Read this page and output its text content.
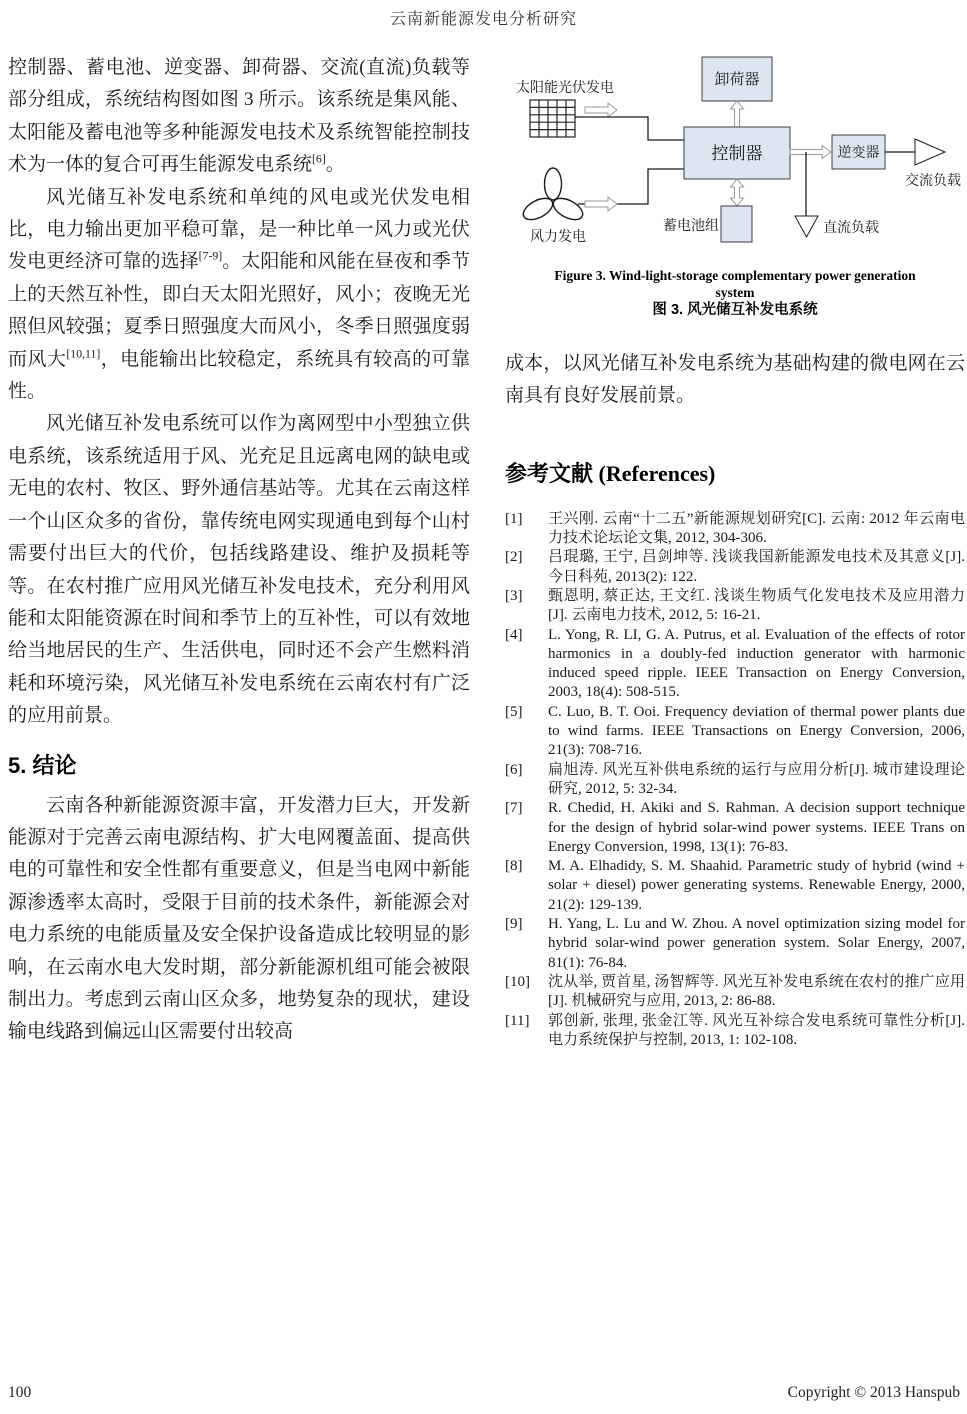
云南新能源发电分析研究

控制器、蓄电池、逆变器、卸荷器、交流(直流)负载等部分组成，系统结构图如图 3 所示。该系统是集风能、太阳能及蓄电池等多种能源发电技术及系统智能控制技术为一体的复合可再生能源发电系统[6]。

风光储互补发电系统和单纯的风电或光伏发电相比，电力输出更加平稳可靠，是一种比单一风力或光伏发电更经济可靠的选择[7-9]。太阳能和风能在昼夜和季节上的天然互补性，即白天太阳光照好，风小；夜晚无光照但风较强；夏季日照强度大而风小，冬季日照强度弱而风大[10,11]，电能输出比较稳定，系统具有较高的可靠性。

风光储互补发电系统可以作为离网型中小型独立供电系统，该系统适用于风、光充足且远离电网的缺电或无电的农村、牧区、野外通信基站等。尤其在云南这样一个山区众多的省份，靠传统电网实现通电到每个山村需要付出巨大的代价，包括线路建设、维护及损耗等等。在农村推广应用风光储互补发电技术，充分利用风能和太阳能资源在时间和季节上的互补性，可以有效地给当地居民的生产、生活供电，同时还不会产生燃料消耗和环境污染，风光储互补发电系统在云南农村有广泛的应用前景。

5. 结论

云南各种新能源资源丰富，开发潜力巨大，开发新能源对于完善云南电源结构、扩大电网覆盖面、提高供电的可靠性和安全性都有重要意义，但是当电网中新能源渗透率太高时，受限于目前的技术条件，新能源会对电力系统的电能质量及安全保护设备造成比较明显的影响，在云南水电大发时期，部分新能源机组可能会被限制出力。考虑到云南山区众多，地势复杂的现状，建设输电线路到偏远山区需要付出较高

太阳能光伏发电
风力发电
卸荷器
控制器
蓄电池组
逆变器
交流负载
直流负载
Figure 3. Wind-light-storage complementary power generation
system
图 3. 风光储互补发电系统

成本，以风光储互补发电系统为基础构建的微电网在云南具有良好发展前景。

参考文献 (References)
[1]	王兴刚. 云南“十二五”新能源规划研究[C]. 云南: 2012 年云南电力技术论坛论文集, 2012, 304-306.
[2]	吕琨璐, 王宁, 吕剑坤等. 浅谈我国新能源发电技术及其意义[J]. 今日科苑, 2013(2): 122.
[3]	甄恩明, 蔡正达, 王文红. 浅谈生物质气化发电技术及应用潜力[J]. 云南电力技术, 2012, 5: 16-21.
[4]	L. Yong, R. LI, G. A. Putrus, et al. Evaluation of the effects of rotor harmonics in a doubly-fed induction generator with harmonic induced speed ripple. IEEE Transaction on Energy Conversion, 2003, 18(4): 508-515.
[5]	C. Luo, B. T. Ooi. Frequency deviation of thermal power plants due to wind farms. IEEE Transactions on Energy Conversion, 2006, 21(3): 708-716.
[6]	扁旭涛. 风光互补供电系统的运行与应用分析[J]. 城市建设理论研究, 2012, 5: 32-34.
[7]	R. Chedid, H. Akiki and S. Rahman. A decision support technique for the design of hybrid solar-wind power systems. IEEE Trans on Energy Conversion, 1998, 13(1): 76-83.
[8]	M. A. Elhadidy, S. M. Shaahid. Parametric study of hybrid (wind + solar + diesel) power generating systems. Renewable Energy, 2000, 21(2): 129-139.
[9]	H. Yang, L. Lu and W. Zhou. A novel optimization sizing model for hybrid solar-wind power generation system. Solar Energy, 2007, 81(1): 76-84.
[10]	沈从举, 贾首星, 汤智辉等. 风光互补发电系统在农村的推广应用[J]. 机械研究与应用, 2013, 2: 86-88.
[11]	郭创新, 张理, 张金江等. 风光互补综合发电系统可靠性分析[J]. 电力系统保护与控制, 2013, 1: 102-108.
100	Copyright © 2013 Hanspub
